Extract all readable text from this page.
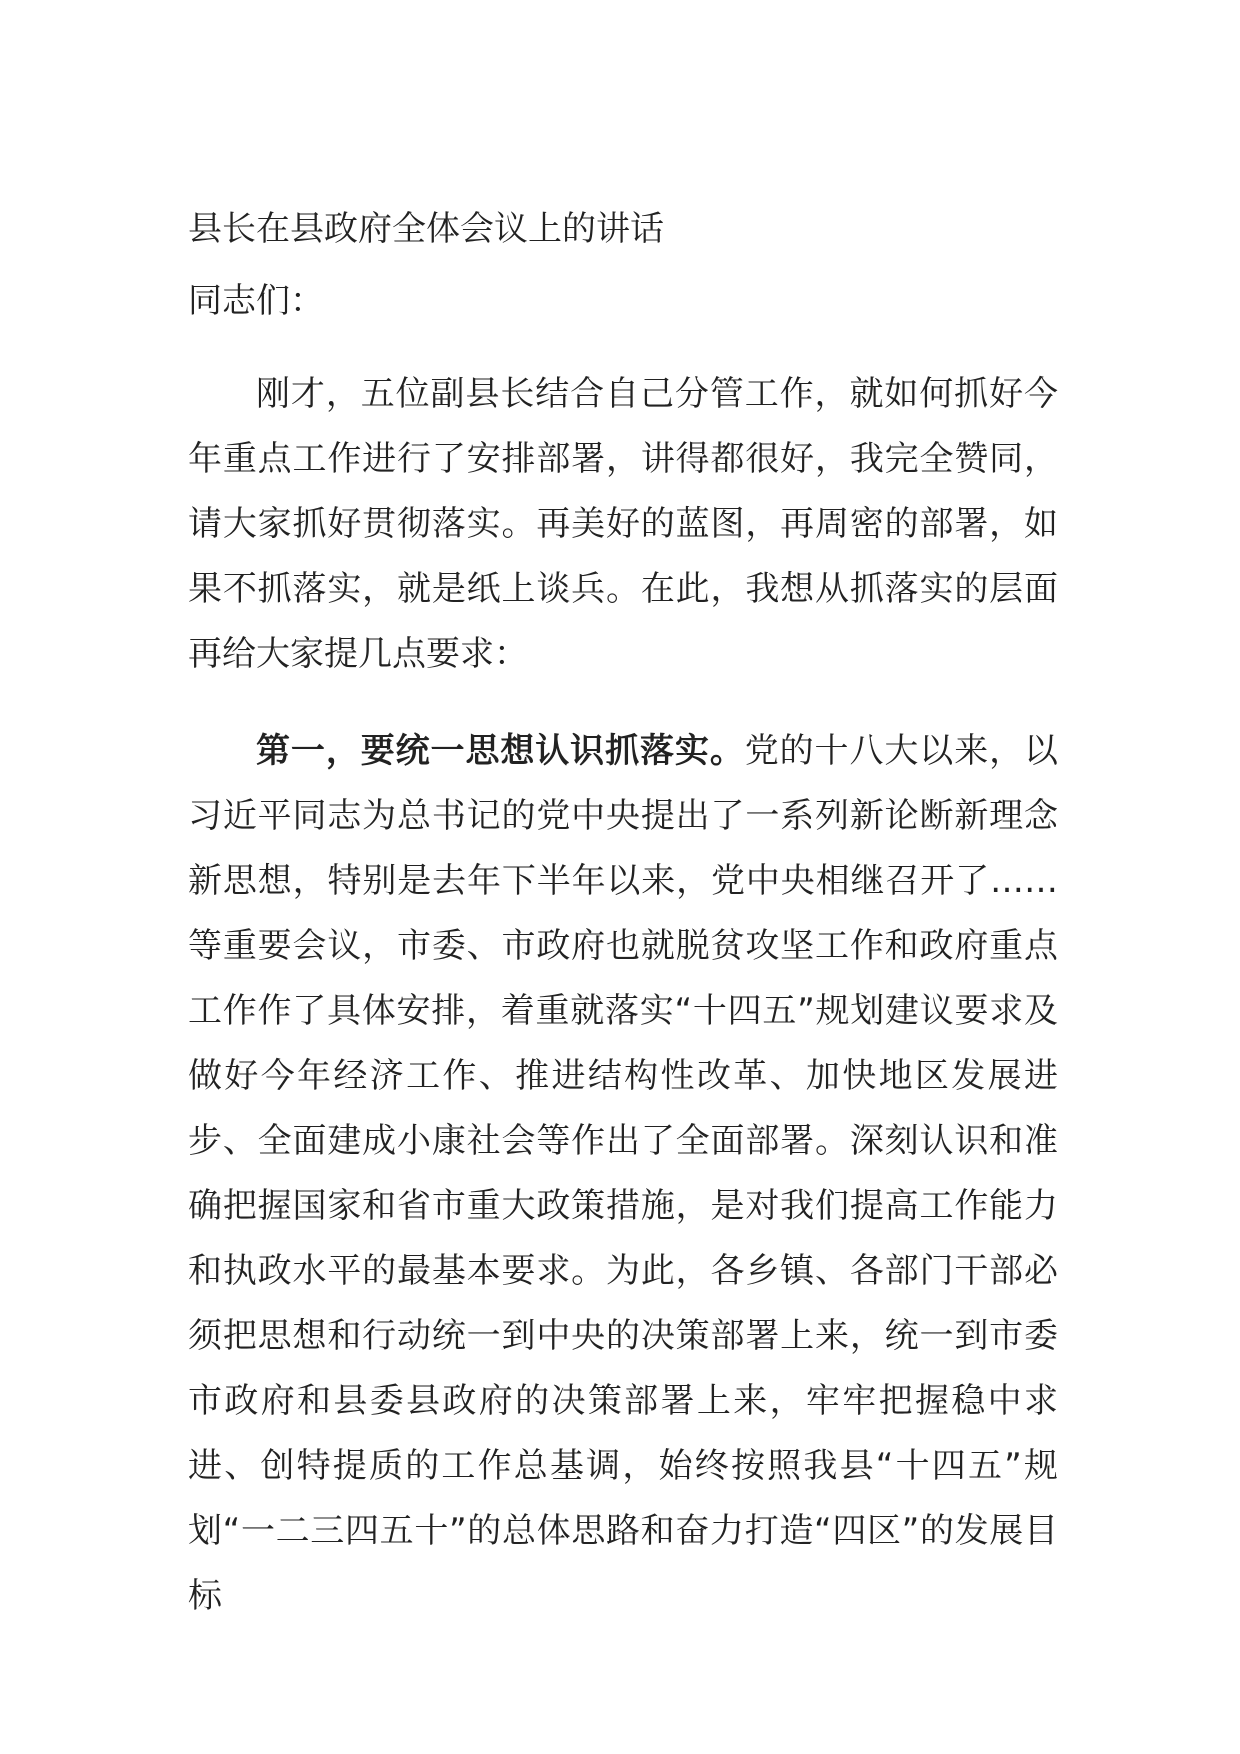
县长在县政府全体会议上的讲话

同志们：

刚才，五位副县长结合自己分管工作，就如何抓好今年重点工作进行了安排部署，讲得都很好，我完全赞同，请大家抓好贯彻落实。再美好的蓝图，再周密的部署，如果不抓落实，就是纸上谈兵。在此，我想从抓落实的层面再给大家提几点要求：

第一，要统一思想认识抓落实。党的十八大以来，以习近平同志为总书记的党中央提出了一系列新论断新理念新思想，特别是去年下半年以来，党中央相继召开了……等重要会议，市委、市政府也就脱贫攻坚工作和政府重点工作作了具体安排，着重就落实“十四五”规划建议要求及做好今年经济工作、推进结构性改革、加快地区发展进步、全面建成小康社会等作出了全面部署。深刻认识和准确把握国家和省市重大政策措施，是对我们提高工作能力和执政水平的最基本要求。为此，各乡镇、各部门干部必须把思想和行动统一到中央的决策部署上来，统一到市委市政府和县委县政府的决策部署上来，牢牢把握稳中求进、创特提质的工作总基调，始终按照我县“十四五”规划“一二三四五十”的总体思路和奋力打造“四区”的发展目标
